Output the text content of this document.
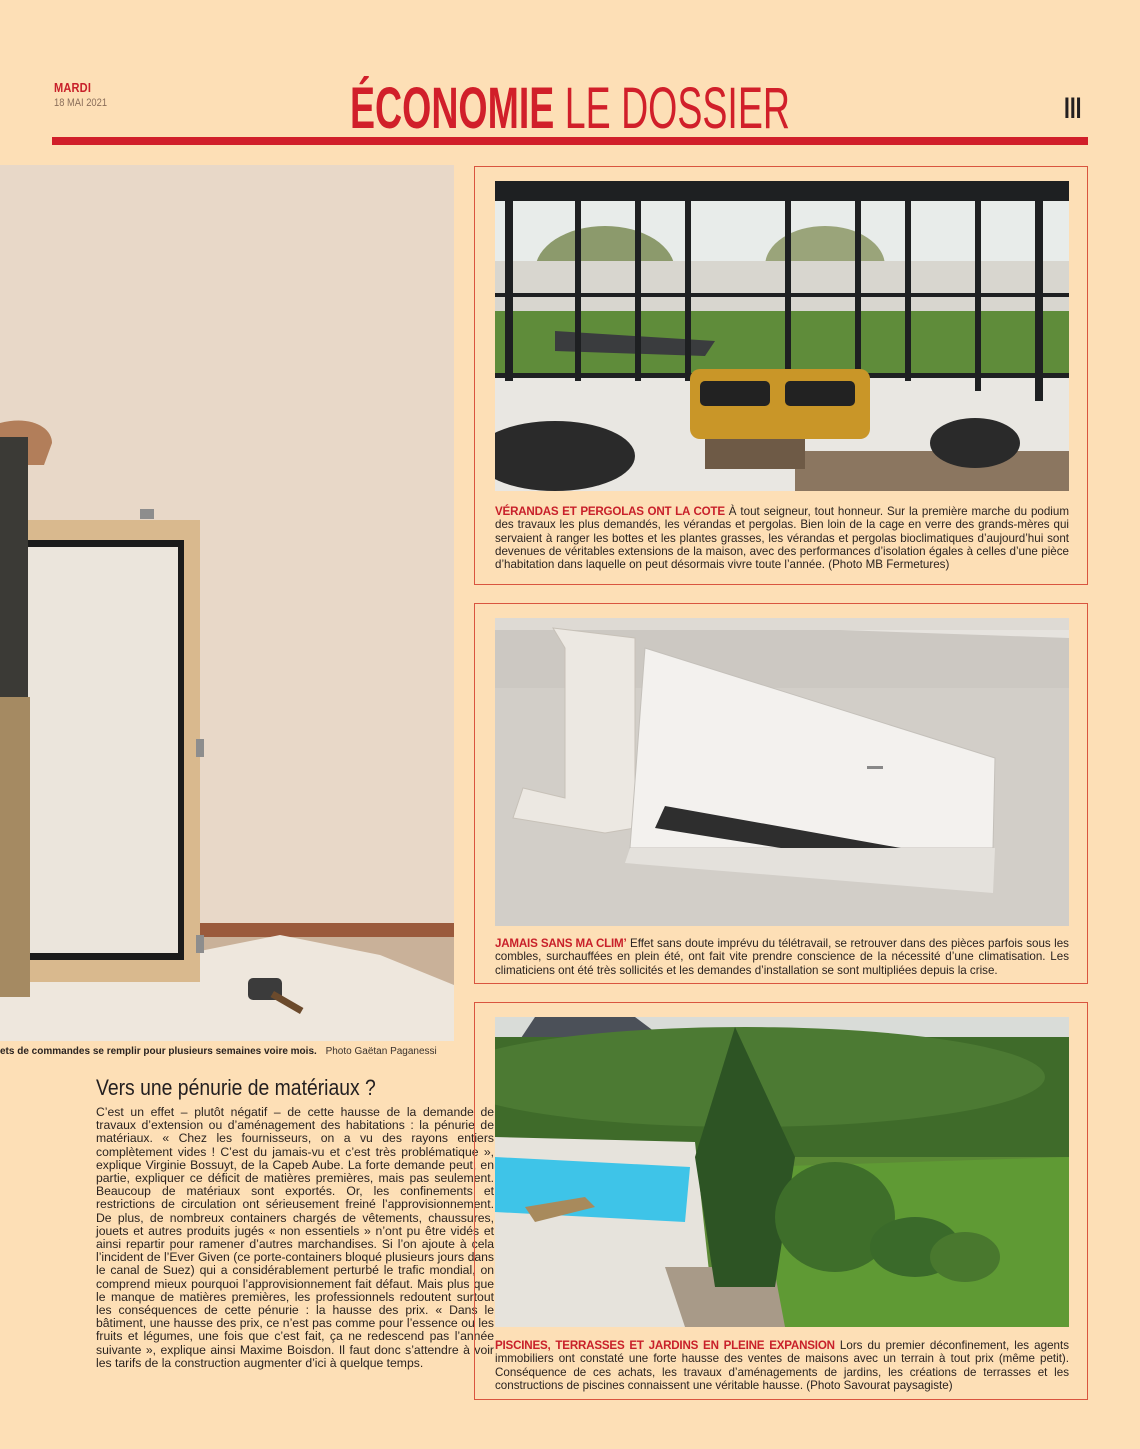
MARDI
18 MAI 2021	ÉCONOMIE LE DOS	III
ets de commandes se remplir pour plusieurs semaines voire mois. Photo Gaëtan Paganessi
Vers une pénurie de matériaux ?

C’est un effet – plutôt négatif – de cette hausse de la demande de travaux d’extension ou d’aménagement des habitations : la pénurie de matériaux. « Chez les fournisseurs, on a vu des rayons entiers complètement vides ! C’est du jamais-vu et c’est très problématique », explique Virginie Bossuyt, de la Capeb Aube. La forte demande peut, en partie, expliquer ce déficit de matières premières, mais pas seulement. Beaucoup de matériaux sont exportés. Or, les confinements et restrictions de circulation ont sérieusement freiné l’approvisionnement. De plus, de nombreux containers chargés de vêtements, chaussures, jouets et autres produits jugés « non essentiels » n’ont pu être vidés et ainsi repartir pour ramener d’autres marchandises. Si l’on ajoute à cela l’incident de l’Ever Given (ce porte-containers bloqué plusieurs jours dans le canal de Suez) qui a considérablement perturbé le trafic mondial, on comprend mieux pourquoi l’approvisionnement fait défaut. Mais plus que le manque de matières premières, les professionnels redoutent surtout les conséquences de cette pénurie : la hausse des prix. « Dans le bâtiment, une hausse des prix, ce n’est pas comme pour l’essence ou les fruits et légumes, une fois que c’est fait, ça ne redescend pas l’année suivante », explique ainsi Maxime Boisdon. Il faut donc s’attendre à voir les tarifs de la construction augmenter d’ici à quelque temps.

VÉRANDAS ET PERGOLAS ONT LA COTE À tout seigneur, tout honneur. Sur la première marche du podium des travaux les plus demandés, les vérandas et pergolas. Bien loin de la cage en verre des grands-mères qui servaient à ranger les bottes et les plantes grasses, les vérandas et pergolas bioclimatiques d’aujourd’hui sont devenues de véritables extensions de la maison, avec des performances d’isolation égales à celles d’une pièce d’habitation dans laquelle on peut désormais vivre toute l’année. (Photo MB Fermetures)
JAMAIS SANS MA CLIM’ Effet sans doute imprévu du télétravail, se retrouver dans des pièces parfois sous les combles, surchauffées en plein été, ont fait vite prendre conscience de la nécessité d’une climatisation. Les climaticiens ont été très sollicités et les demandes d’installation se sont multipliées depuis la crise.
PISCINES, TERRASSES ET JARDINS EN PLEINE EXPANSION Lors du premier déconfinement, les agents immobiliers ont constaté une forte hausse des ventes de maisons avec un terrain à tout prix (même petit). Conséquence de ces achats, les travaux d’aménagements de jardins, les créations de terrasses et les constructions de piscines connaissent une véritable hausse. (Photo Savourat paysagiste)
